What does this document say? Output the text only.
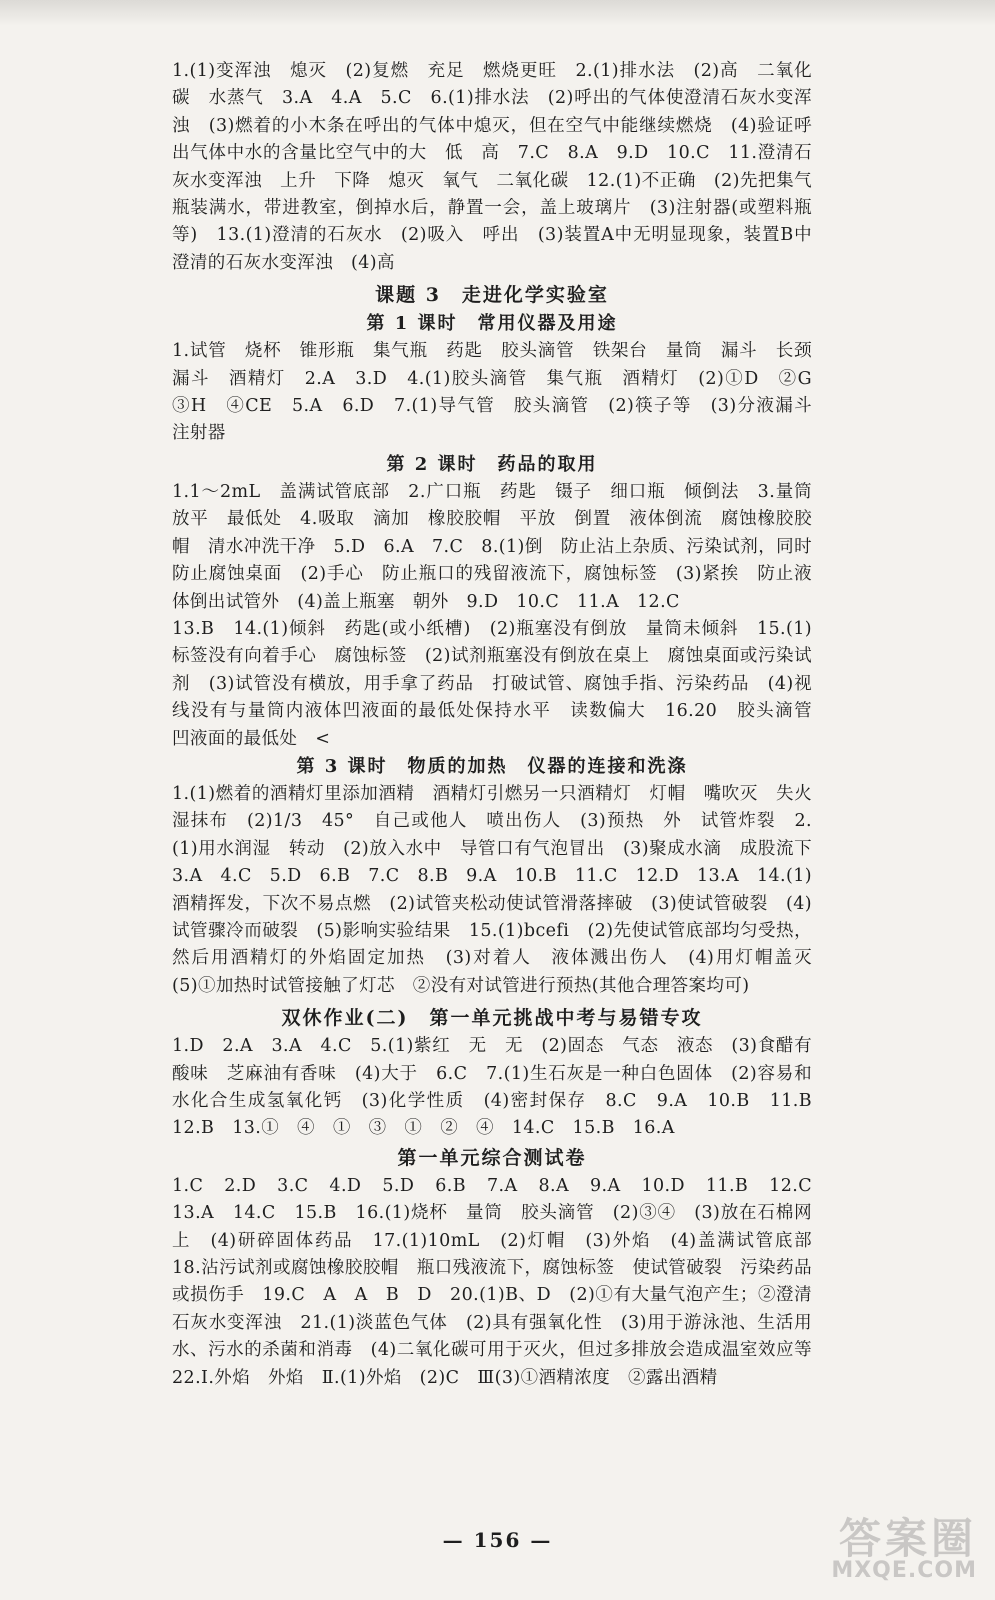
1.(1)变浑浊　熄灭　(2)复燃　充足　燃烧更旺　2.(1)排水法　(2)高　二氧化碳　水蒸气　3.A　4.A　5.C　6.(1)排水法　(2)呼出的气体使澄清石灰水变浑浊　(3)燃着的小木条在呼出的气体中熄灭，但在空气中能继续燃烧　(4)验证呼出气体中水的含量比空气中的大　低　高　7.C　8.A　9.D　10.C　11.澄清石灰水变浑浊　上升　下降　熄灭　氧气　二氧化碳　12.(1)不正确　(2)先把集气瓶装满水，带进教室，倒掉水后，静置一会，盖上玻璃片　(3)注射器(或塑料瓶等)　13.(1)澄清的石灰水　(2)吸入　呼出　(3)装置A中无明显现象，装置B中澄清的石灰水变浑浊　(4)高

课题 3　走进化学实验室
第 1 课时　常用仪器及用途

1.试管　烧杯　锥形瓶　集气瓶　药匙　胶头滴管　铁架台　量筒　漏斗　长颈漏斗　酒精灯　2.A　3.D　4.(1)胶头滴管　集气瓶　酒精灯　(2)①D　②G　③H　④CE　5.A　6.D　7.(1)导气管　胶头滴管　(2)筷子等　(3)分液漏斗　注射器

第 2 课时　药品的取用

1.1～2mL　盖满试管底部　2.广口瓶　药匙　镊子　细口瓶　倾倒法　3.量筒　放平　最低处　4.吸取　滴加　橡胶胶帽　平放　倒置　液体倒流　腐蚀橡胶胶帽　清水冲洗干净　5.D　6.A　7.C　8.(1)倒　防止沾上杂质、污染试剂，同时防止腐蚀桌面　(2)手心　防止瓶口的残留液流下，腐蚀标签　(3)紧挨　防止液体倒出试管外　(4)盖上瓶塞　朝外　9.D　10.C　11.A　12.C

13.B　14.(1)倾斜　药匙(或小纸槽)　(2)瓶塞没有倒放　量筒未倾斜　15.(1)标签没有向着手心　腐蚀标签　(2)试剂瓶塞没有倒放在桌上　腐蚀桌面或污染试剂　(3)试管没有横放，用手拿了药品　打破试管、腐蚀手指、污染药品　(4)视线没有与量筒内液体凹液面的最低处保持水平　读数偏大　16.20　胶头滴管　凹液面的最低处　<

第 3 课时　物质的加热　仪器的连接和洗涤

1.(1)燃着的酒精灯里添加酒精　酒精灯引燃另一只酒精灯　灯帽　嘴吹灭　失火　湿抹布　(2)1/3　45°　自己或他人　喷出伤人　(3)预热　外　试管炸裂　2.(1)用水润湿　转动　(2)放入水中　导管口有气泡冒出　(3)聚成水滴　成股流下　3.A　4.C　5.D　6.B　7.C　8.B　9.A　10.B　11.C　12.D　13.A　14.(1)酒精挥发，下次不易点燃　(2)试管夹松动使试管滑落摔破　(3)使试管破裂　(4)试管骤冷而破裂　(5)影响实验结果　15.(1)bcefi　(2)先使试管底部均匀受热，然后用酒精灯的外焰固定加热　(3)对着人　液体溅出伤人　(4)用灯帽盖灭　(5)①加热时试管接触了灯芯　②没有对试管进行预热(其他合理答案均可)

双休作业(二)　第一单元挑战中考与易错专攻

1.D　2.A　3.A　4.C　5.(1)紫红　无　无　(2)固态　气态　液态　(3)食醋有酸味　芝麻油有香味　(4)大于　6.C　7.(1)生石灰是一种白色固体　(2)容易和水化合生成氢氧化钙　(3)化学性质　(4)密封保存　8.C　9.A　10.B　11.B　12.B　13.①　④　①　③　①　②　④　14.C　15.B　16.A

第一单元综合测试卷

1.C　2.D　3.C　4.D　5.D　6.B　7.A　8.A　9.A　10.D　11.B　12.C　13.A　14.C　15.B　16.(1)烧杯　量筒　胶头滴管　(2)③④　(3)放在石棉网上　(4)研碎固体药品　17.(1)10mL　(2)灯帽　(3)外焰　(4)盖满试管底部　18.沾污试剂或腐蚀橡胶胶帽　瓶口残液流下，腐蚀标签　使试管破裂　污染药品或损伤手　19.C　A　A　B　D　20.(1)B、D　(2)①有大量气泡产生；②澄清石灰水变浑浊　21.(1)淡蓝色气体　(2)具有强氧化性　(3)用于游泳池、生活用水、污水的杀菌和消毒　(4)二氧化碳可用于灭火，但过多排放会造成温室效应等　22.Ⅰ.外焰　外焰　Ⅱ.(1)外焰　(2)C　Ⅲ(3)①酒精浓度　②露出酒精

— 156 —	答案圈
MXQE.COM
